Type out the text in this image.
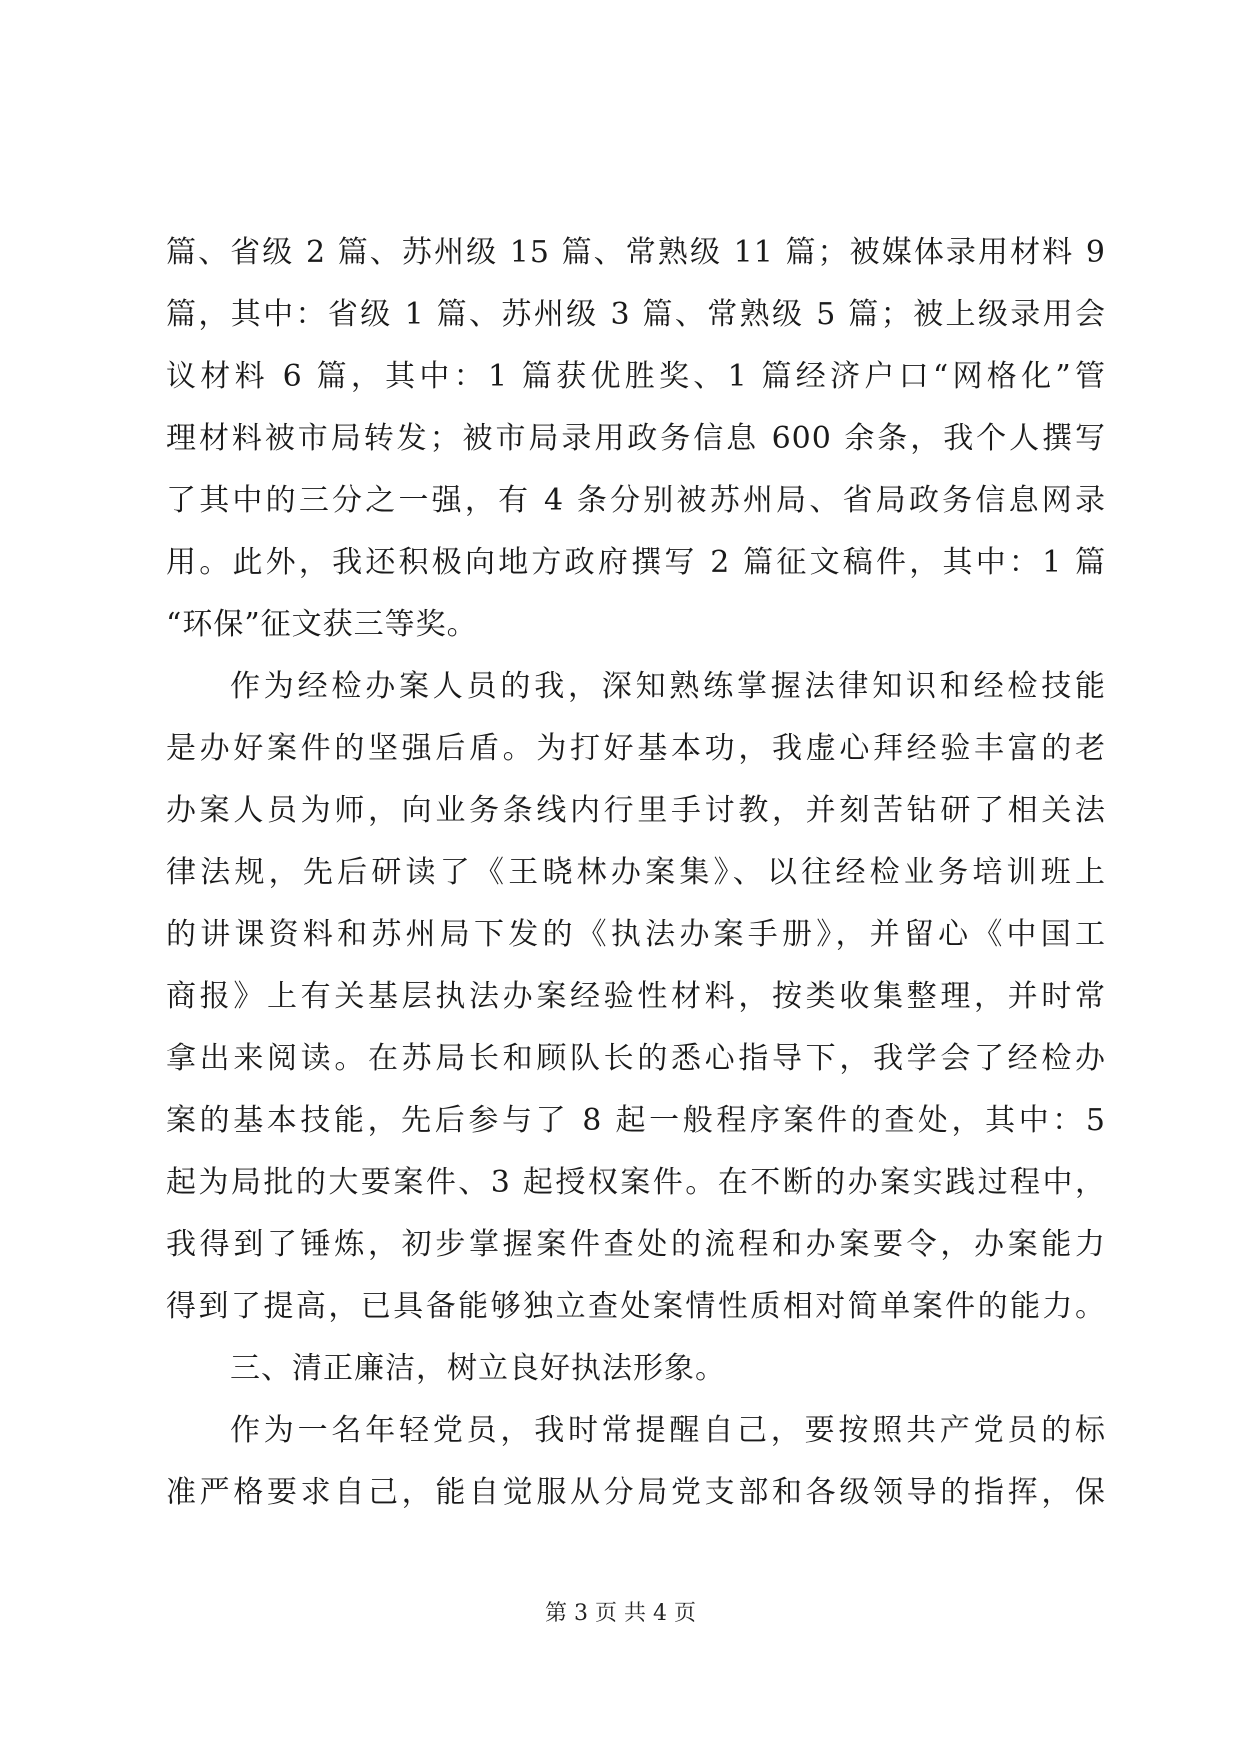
篇、省级 2 篇、苏州级 15 篇、常熟级 11 篇；被媒体录用材料 9
篇，其中：省级 1 篇、苏州级 3 篇、常熟级 5 篇；被上级录用会
议材料 6 篇，其中：1 篇获优胜奖、1 篇经济户口“网格化”管
理材料被市局转发；被市局录用政务信息 600 余条，我个人撰写
了其中的三分之一强，有 4 条分别被苏州局、省局政务信息网录
用。此外，我还积极向地方政府撰写 2 篇征文稿件，其中：1 篇
“环保”征文获三等奖。
作为经检办案人员的我，深知熟练掌握法律知识和经检技能
是办好案件的坚强后盾。为打好基本功，我虚心拜经验丰富的老
办案人员为师，向业务条线内行里手讨教，并刻苦钻研了相关法
律法规，先后研读了《王晓林办案集》、以往经检业务培训班上
的讲课资料和苏州局下发的《执法办案手册》，并留心《中国工
商报》上有关基层执法办案经验性材料，按类收集整理，并时常
拿出来阅读。在苏局长和顾队长的悉心指导下，我学会了经检办
案的基本技能，先后参与了 8 起一般程序案件的查处，其中：5
起为局批的大要案件、3 起授权案件。在不断的办案实践过程中，
我得到了锤炼，初步掌握案件查处的流程和办案要令，办案能力
得到了提高，已具备能够独立查处案情性质相对简单案件的能力。
三、清正廉洁，树立良好执法形象。
作为一名年轻党员，我时常提醒自己，要按照共产党员的标
准严格要求自己，能自觉服从分局党支部和各级领导的指挥，保
第 3 页 共 4 页
